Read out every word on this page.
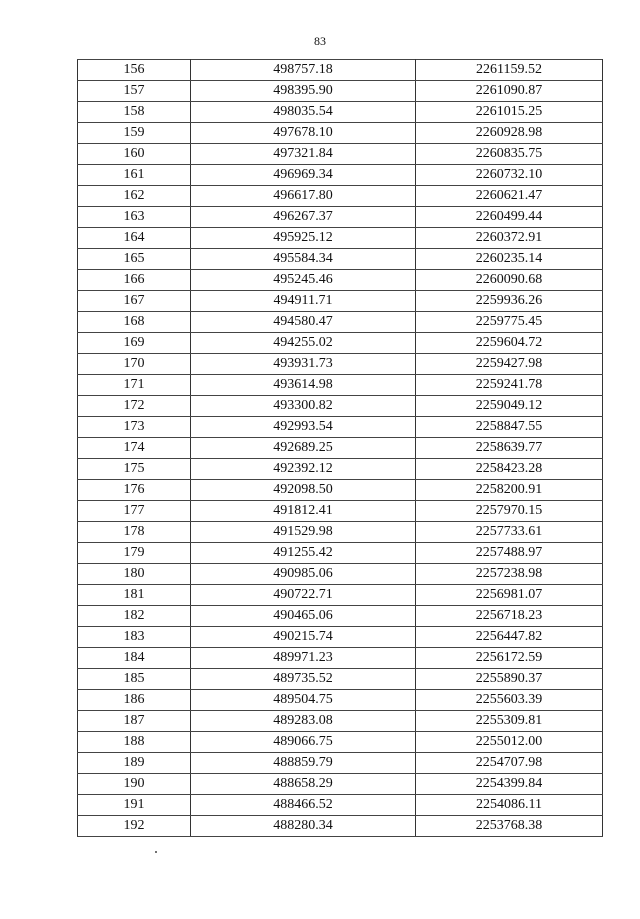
83
156	498757.18	2261159.52
157	498395.90	2261090.87
158	498035.54	2261015.25
159	497678.10	2260928.98
160	497321.84	2260835.75
161	496969.34	2260732.10
162	496617.80	2260621.47
163	496267.37	2260499.44
164	495925.12	2260372.91
165	495584.34	2260235.14
166	495245.46	2260090.68
167	494911.71	2259936.26
168	494580.47	2259775.45
169	494255.02	2259604.72
170	493931.73	2259427.98
171	493614.98	2259241.78
172	493300.82	2259049.12
173	492993.54	2258847.55
174	492689.25	2258639.77
175	492392.12	2258423.28
176	492098.50	2258200.91
177	491812.41	2257970.15
178	491529.98	2257733.61
179	491255.42	2257488.97
180	490985.06	2257238.98
181	490722.71	2256981.07
182	490465.06	2256718.23
183	490215.74	2256447.82
184	489971.23	2256172.59
185	489735.52	2255890.37
186	489504.75	2255603.39
187	489283.08	2255309.81
188	489066.75	2255012.00
189	488859.79	2254707.98
190	488658.29	2254399.84
191	488466.52	2254086.11
192	488280.34	2253768.38
